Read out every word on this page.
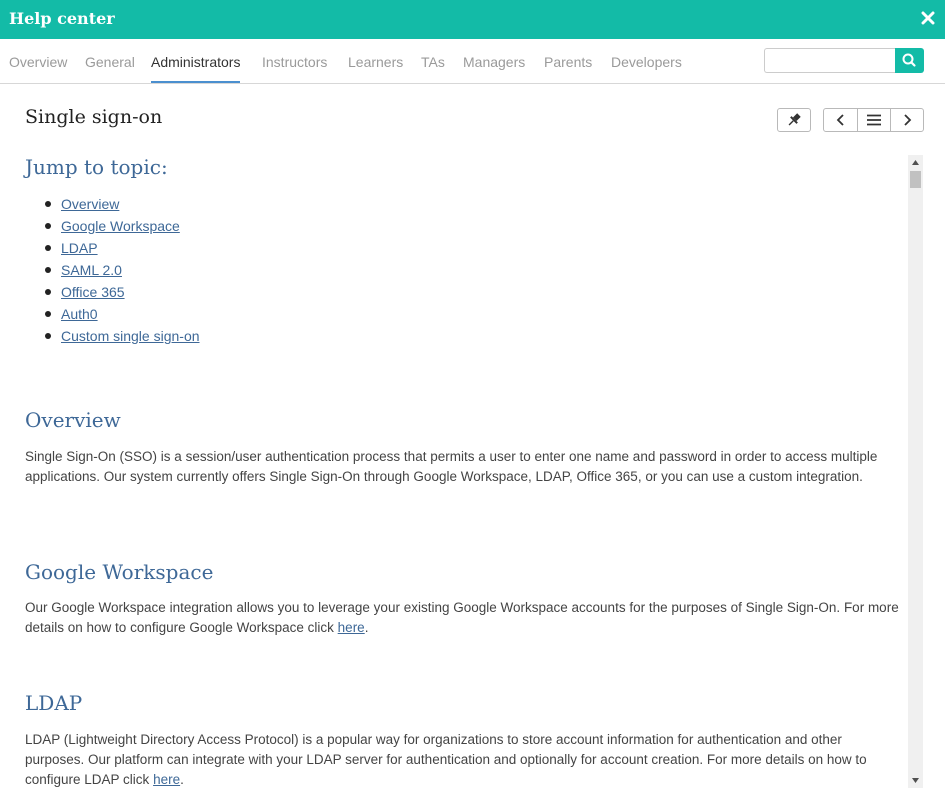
Help center
Overview General Administrators Instructors Learners TAs Managers Parents Developers
Single sign-on
Jump to topic:
Overview
Google Workspace
LDAP
SAML 2.0
Office 365
Auth0
Custom single sign-on
Overview

Single Sign-On (SSO) is a session/user authentication process that permits a user to enter one name and password in order to access multiple applications. Our system currently offers Single Sign-On through Google Workspace, LDAP, Office 365, or you can use a custom integration.

Google Workspace

Our Google Workspace integration allows you to leverage your existing Google Workspace accounts for the purposes of Single Sign-On. For more details on how to configure Google Workspace click here.

LDAP

LDAP (Lightweight Directory Access Protocol) is a popular way for organizations to store account information for authentication and other purposes. Our platform can integrate with your LDAP server for authentication and optionally for account creation. For more details on how to configure LDAP click here.
